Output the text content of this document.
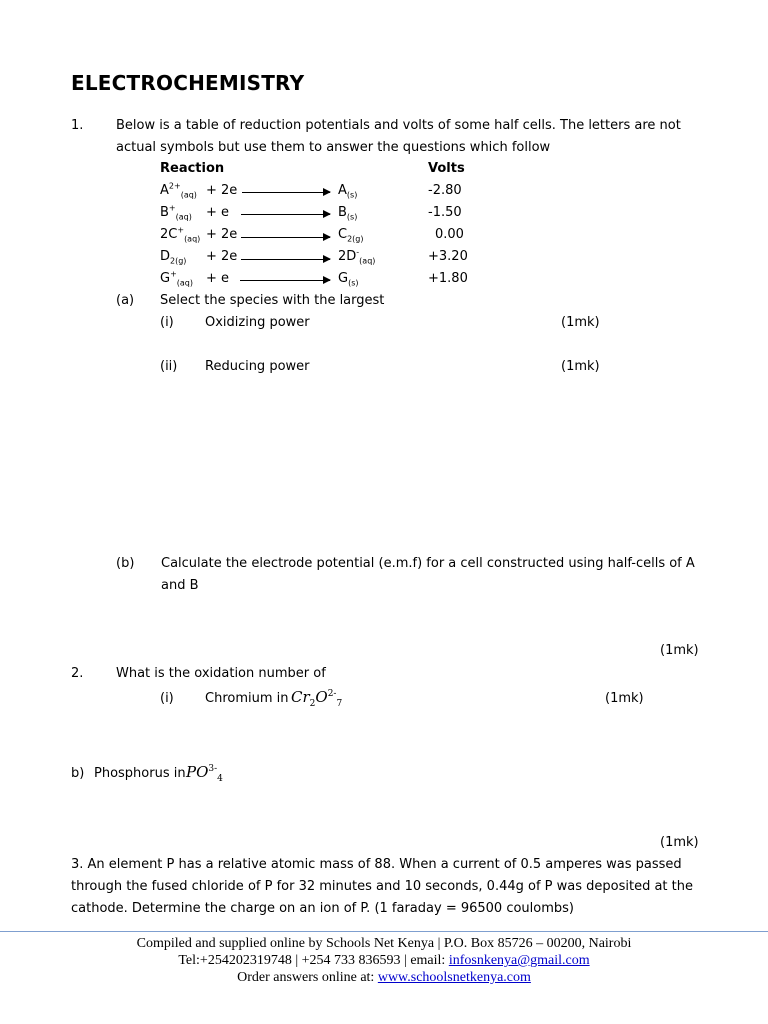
ELECTROCHEMISTRY
1.	Below is a table of reduction potentials and volts of some half cells. The letters are not
actual symbols but use them to answer the questions which follow
Reaction	Volts
$A^{2+}_{(aq)} + 2e$	$A_{(s)}$	-2.80
$B^+_{(aq)} + e$	$B_{(s)}$	-1.50
$2C^+_{(aq)} + 2e$	$C_{2(g)}$	0.00
$D_{2(g)} + 2e$	$2D^-_{(aq)}$	+3.20
$G^+_{(aq)} + e$	$G_{(s)}$	+1.80
(a) Select the species with the largest
(i) Oxidizing power	(1mk)
(ii) Reducing power	(1mk)
(b) Calculate the electrode potential (e.m.f) for a cell constructed using half-cells of A
and B
(1mk)
2.	What is the oxidation number of
(i) Chromium in $Cr_2O^{2-}_7$	(1mk)
b) Phosphorus in $PO^{3-}_4$
(1mk)
3. An element P has a relative atomic mass of 88. When a current of 0.5 amperes was passed
through the fused chloride of P for 32 minutes and 10 seconds, 0.44g of P was deposited at the
cathode. Determine the charge on an ion of P. (1 faraday = 96500 coulombs)
Compiled and supplied online by Schools Net Kenya | P.O. Box 85726 – 00200, Nairobi
Tel:+254202319748 | +254 733 836593 | email: infosnkenya@gmail.com
Order answers online at: www.schoolsnetkenya.com
